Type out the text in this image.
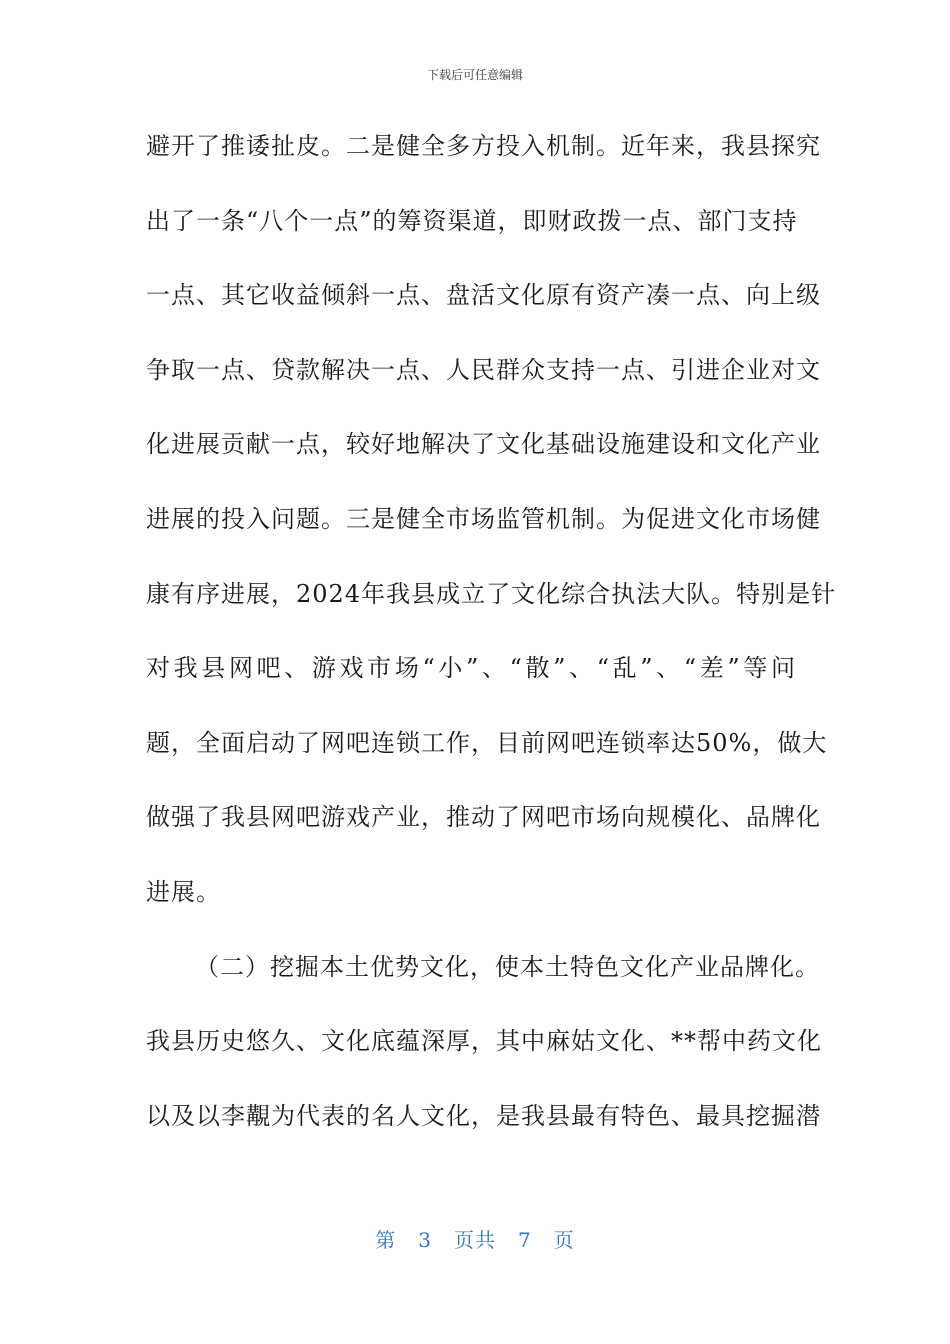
下载后可任意编辑
避开了推诿扯皮。二是健全多方投入机制。近年来，我县探究
出了一条“八个一点”的筹资渠道，即财政拨一点、部门支持
一点、其它收益倾斜一点、盘活文化原有资产凑一点、向上级
争取一点、贷款解决一点、人民群众支持一点、引进企业对文
化进展贡献一点，较好地解决了文化基础设施建设和文化产业
进展的投入问题。三是健全市场监管机制。为促进文化市场健
康有序进展，2024年我县成立了文化综合执法大队。特别是针
对我县网吧、游戏市场“小”、“散”、“乱”、“差”等问
题，全面启动了网吧连锁工作，目前网吧连锁率达50%，做大
做强了我县网吧游戏产业，推动了网吧市场向规模化、品牌化
进展。
（二）挖掘本土优势文化，使本土特色文化产业品牌化。
我县历史悠久、文化底蕴深厚，其中麻姑文化、**帮中药文化
以及以李覯为代表的名人文化，是我县最有特色、最具挖掘潜
第 3 页共 7 页
